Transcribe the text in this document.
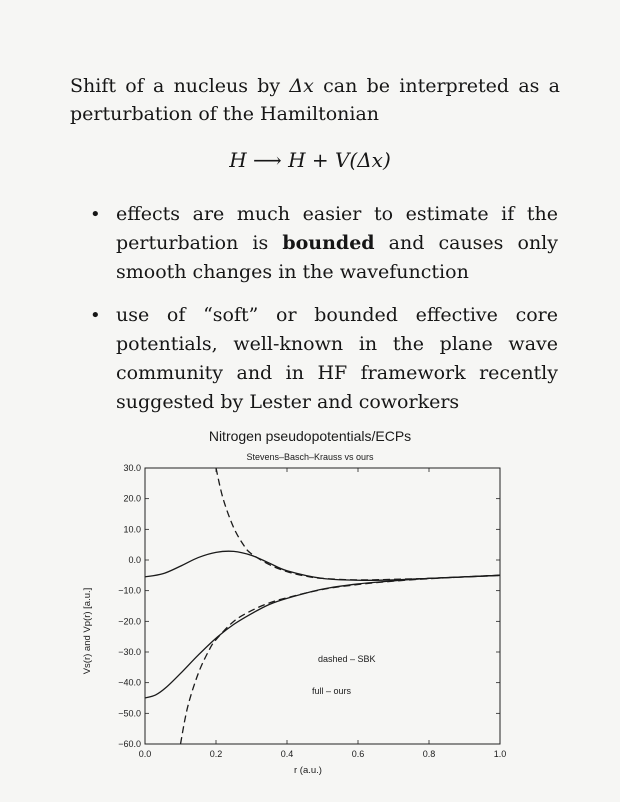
Shift of a nucleus by Δx can be interpreted as a perturbation of the Hamiltonian

H ⟶ H + V(Δx)
• effects are much easier to estimate if the perturbation is bounded and causes only smooth changes in the wavefunction
• use of “soft” or bounded effective core potentials, well-known in the plane wave community and in HF framework recently suggested by Lester and coworkers
Nitrogen pseudopotentials/ECPs
Stevens–Basch–Krauss vs ours
0.0	0.2	0.4	0.6	0.8	1.0
30.0
20.0
10.0
0.0
−10.0
−20.0
−30.0
−40.0
−50.0
−60.0
r (a.u.)
Vs(r) and Vp(r) [a.u.]	dashed – SBK
full – ours
